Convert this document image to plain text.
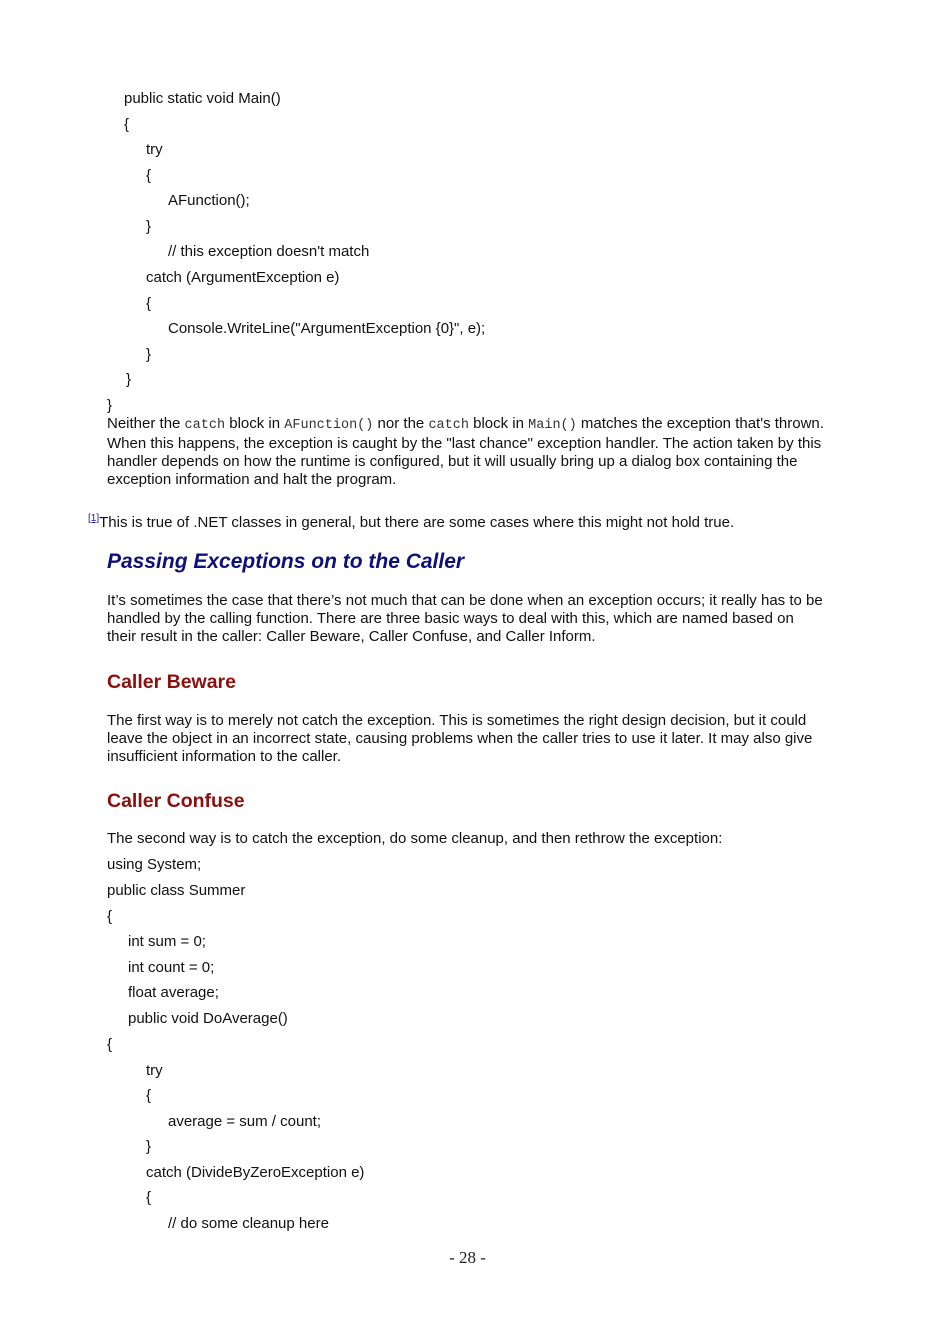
public static void Main()
{
try
{
AFunction();
}
// this exception doesn't match
catch (ArgumentException e)
{
Console.WriteLine("ArgumentException {0}", e);
}
}
}
Neither the catch block in AFunction() nor the catch block in Main() matches the exception that's thrown. When this happens, the exception is caught by the "last chance" exception handler. The action taken by this handler depends on how the runtime is configured, but it will usually bring up a dialog box containing the exception information and halt the program.
[1]This is true of .NET classes in general, but there are some cases where this might not hold true.
Passing Exceptions on to the Caller
It’s sometimes the case that there’s not much that can be done when an exception occurs; it really has to be handled by the calling function. There are three basic ways to deal with this, which are named based on their result in the caller: Caller Beware, Caller Confuse, and Caller Inform.
Caller Beware
The first way is to merely not catch the exception. This is sometimes the right design decision, but it could leave the object in an incorrect state, causing problems when the caller tries to use it later. It may also give insufficient information to the caller.
Caller Confuse
The second way is to catch the exception, do some cleanup, and then rethrow the exception:
using System;
public class Summer
{
int sum = 0;
int count = 0;
float average;
public void DoAverage()
{
try
{
average = sum / count;
}
catch (DivideByZeroException e)
{
// do some cleanup here
- 28 -
